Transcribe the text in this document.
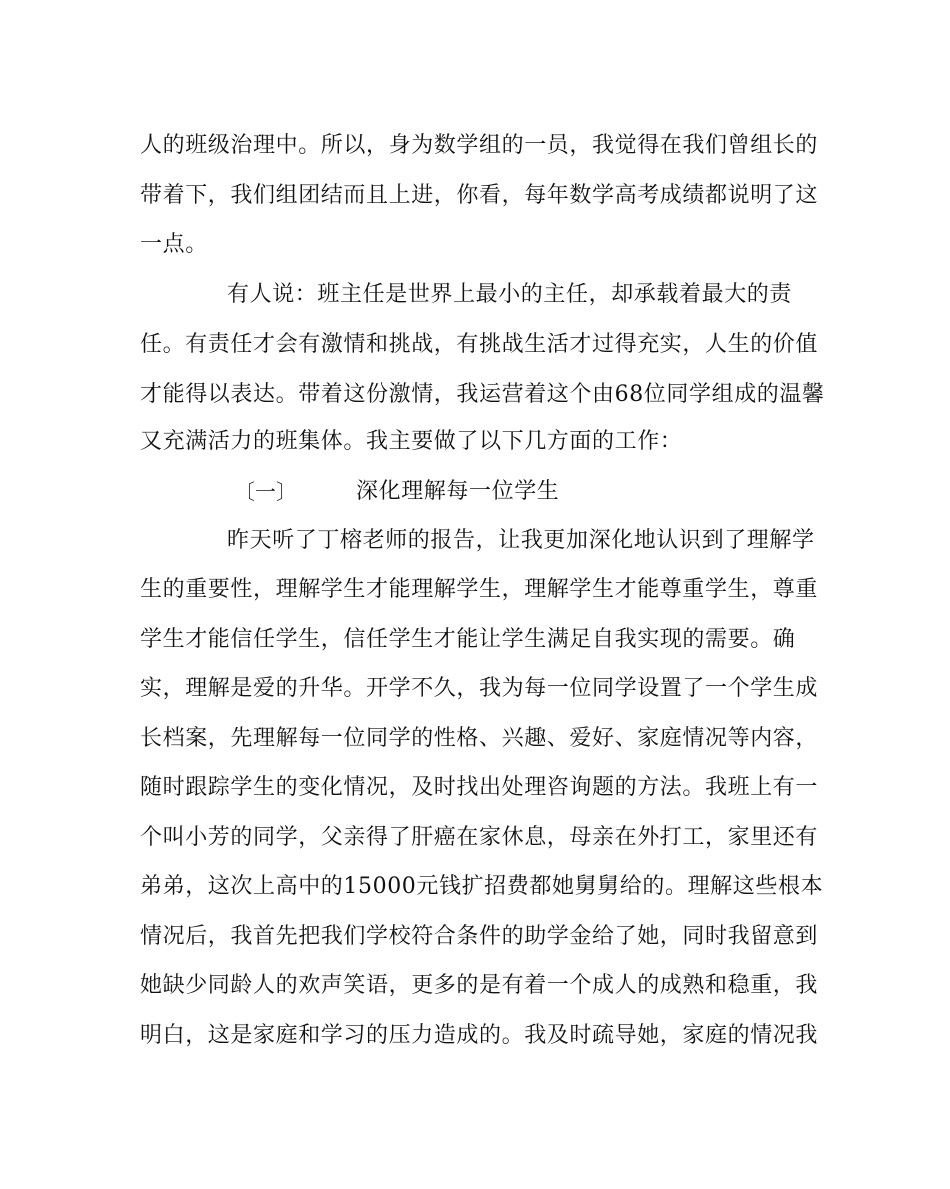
人的班级治理中。所以，身为数学组的一员，我觉得在我们曾组长的
带着下，我们组团结而且上进，你看，每年数学高考成绩都说明了这
一点。
有人说：班主任是世界上最小的主任，却承载着最大的责
任。有责任才会有激情和挑战，有挑战生活才过得充实，人生的价值
才能得以表达。带着这份激情，我运营着这个由68位同学组成的温馨
又充满活力的班集体。我主要做了以下几方面的工作：
〔一〕	深化理解每一位学生
昨天听了丁榕老师的报告，让我更加深化地认识到了理解学
生的重要性，理解学生才能理解学生，理解学生才能尊重学生，尊重
学生才能信任学生，信任学生才能让学生满足自我实现的需要。确
实，理解是爱的升华。开学不久，我为每一位同学设置了一个学生成
长档案，先理解每一位同学的性格、兴趣、爱好、家庭情况等内容，
随时跟踪学生的变化情况，及时找出处理咨询题的方法。我班上有一
个叫小芳的同学，父亲得了肝癌在家休息，母亲在外打工，家里还有
弟弟，这次上高中的15000元钱扩招费都她舅舅给的。理解这些根本
情况后，我首先把我们学校符合条件的助学金给了她，同时我留意到
她缺少同龄人的欢声笑语，更多的是有着一个成人的成熟和稳重，我
明白，这是家庭和学习的压力造成的。我及时疏导她，家庭的情况我
